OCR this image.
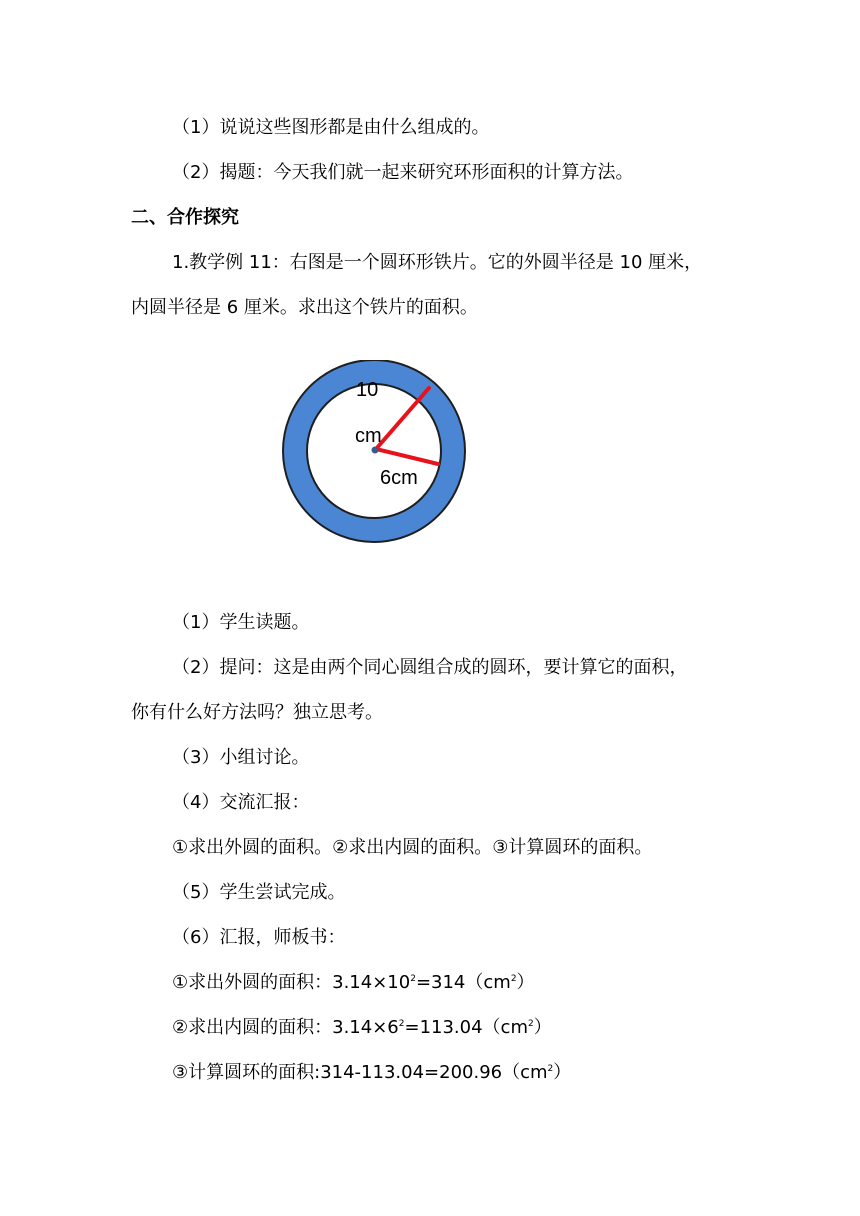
（1）说说这些图形都是由什么组成的。
（2）揭题：今天我们就一起来研究环形面积的计算方法。
二、合作探究
1.教学例 11：右图是一个圆环形铁片。它的外圆半径是 10 厘米，
内圆半径是 6 厘米。求出这个铁片的面积。
10
cm
6cm
（1）学生读题。
（2）提问：这是由两个同心圆组合成的圆环，要计算它的面积，
你有什么好方法吗？独立思考。
（3）小组讨论。
（4）交流汇报：
①求出外圆的面积。②求出内圆的面积。③计算圆环的面积。
（5）学生尝试完成。
（6）汇报，师板书：
①求出外圆的面积：$3.14\times 10^2=314(cm^2)$
②求出内圆的面积：$3.14\times 6^2=113.04(cm^2)$
③计算圆环的面积$:314-113.04=200.96(cm^2)$
